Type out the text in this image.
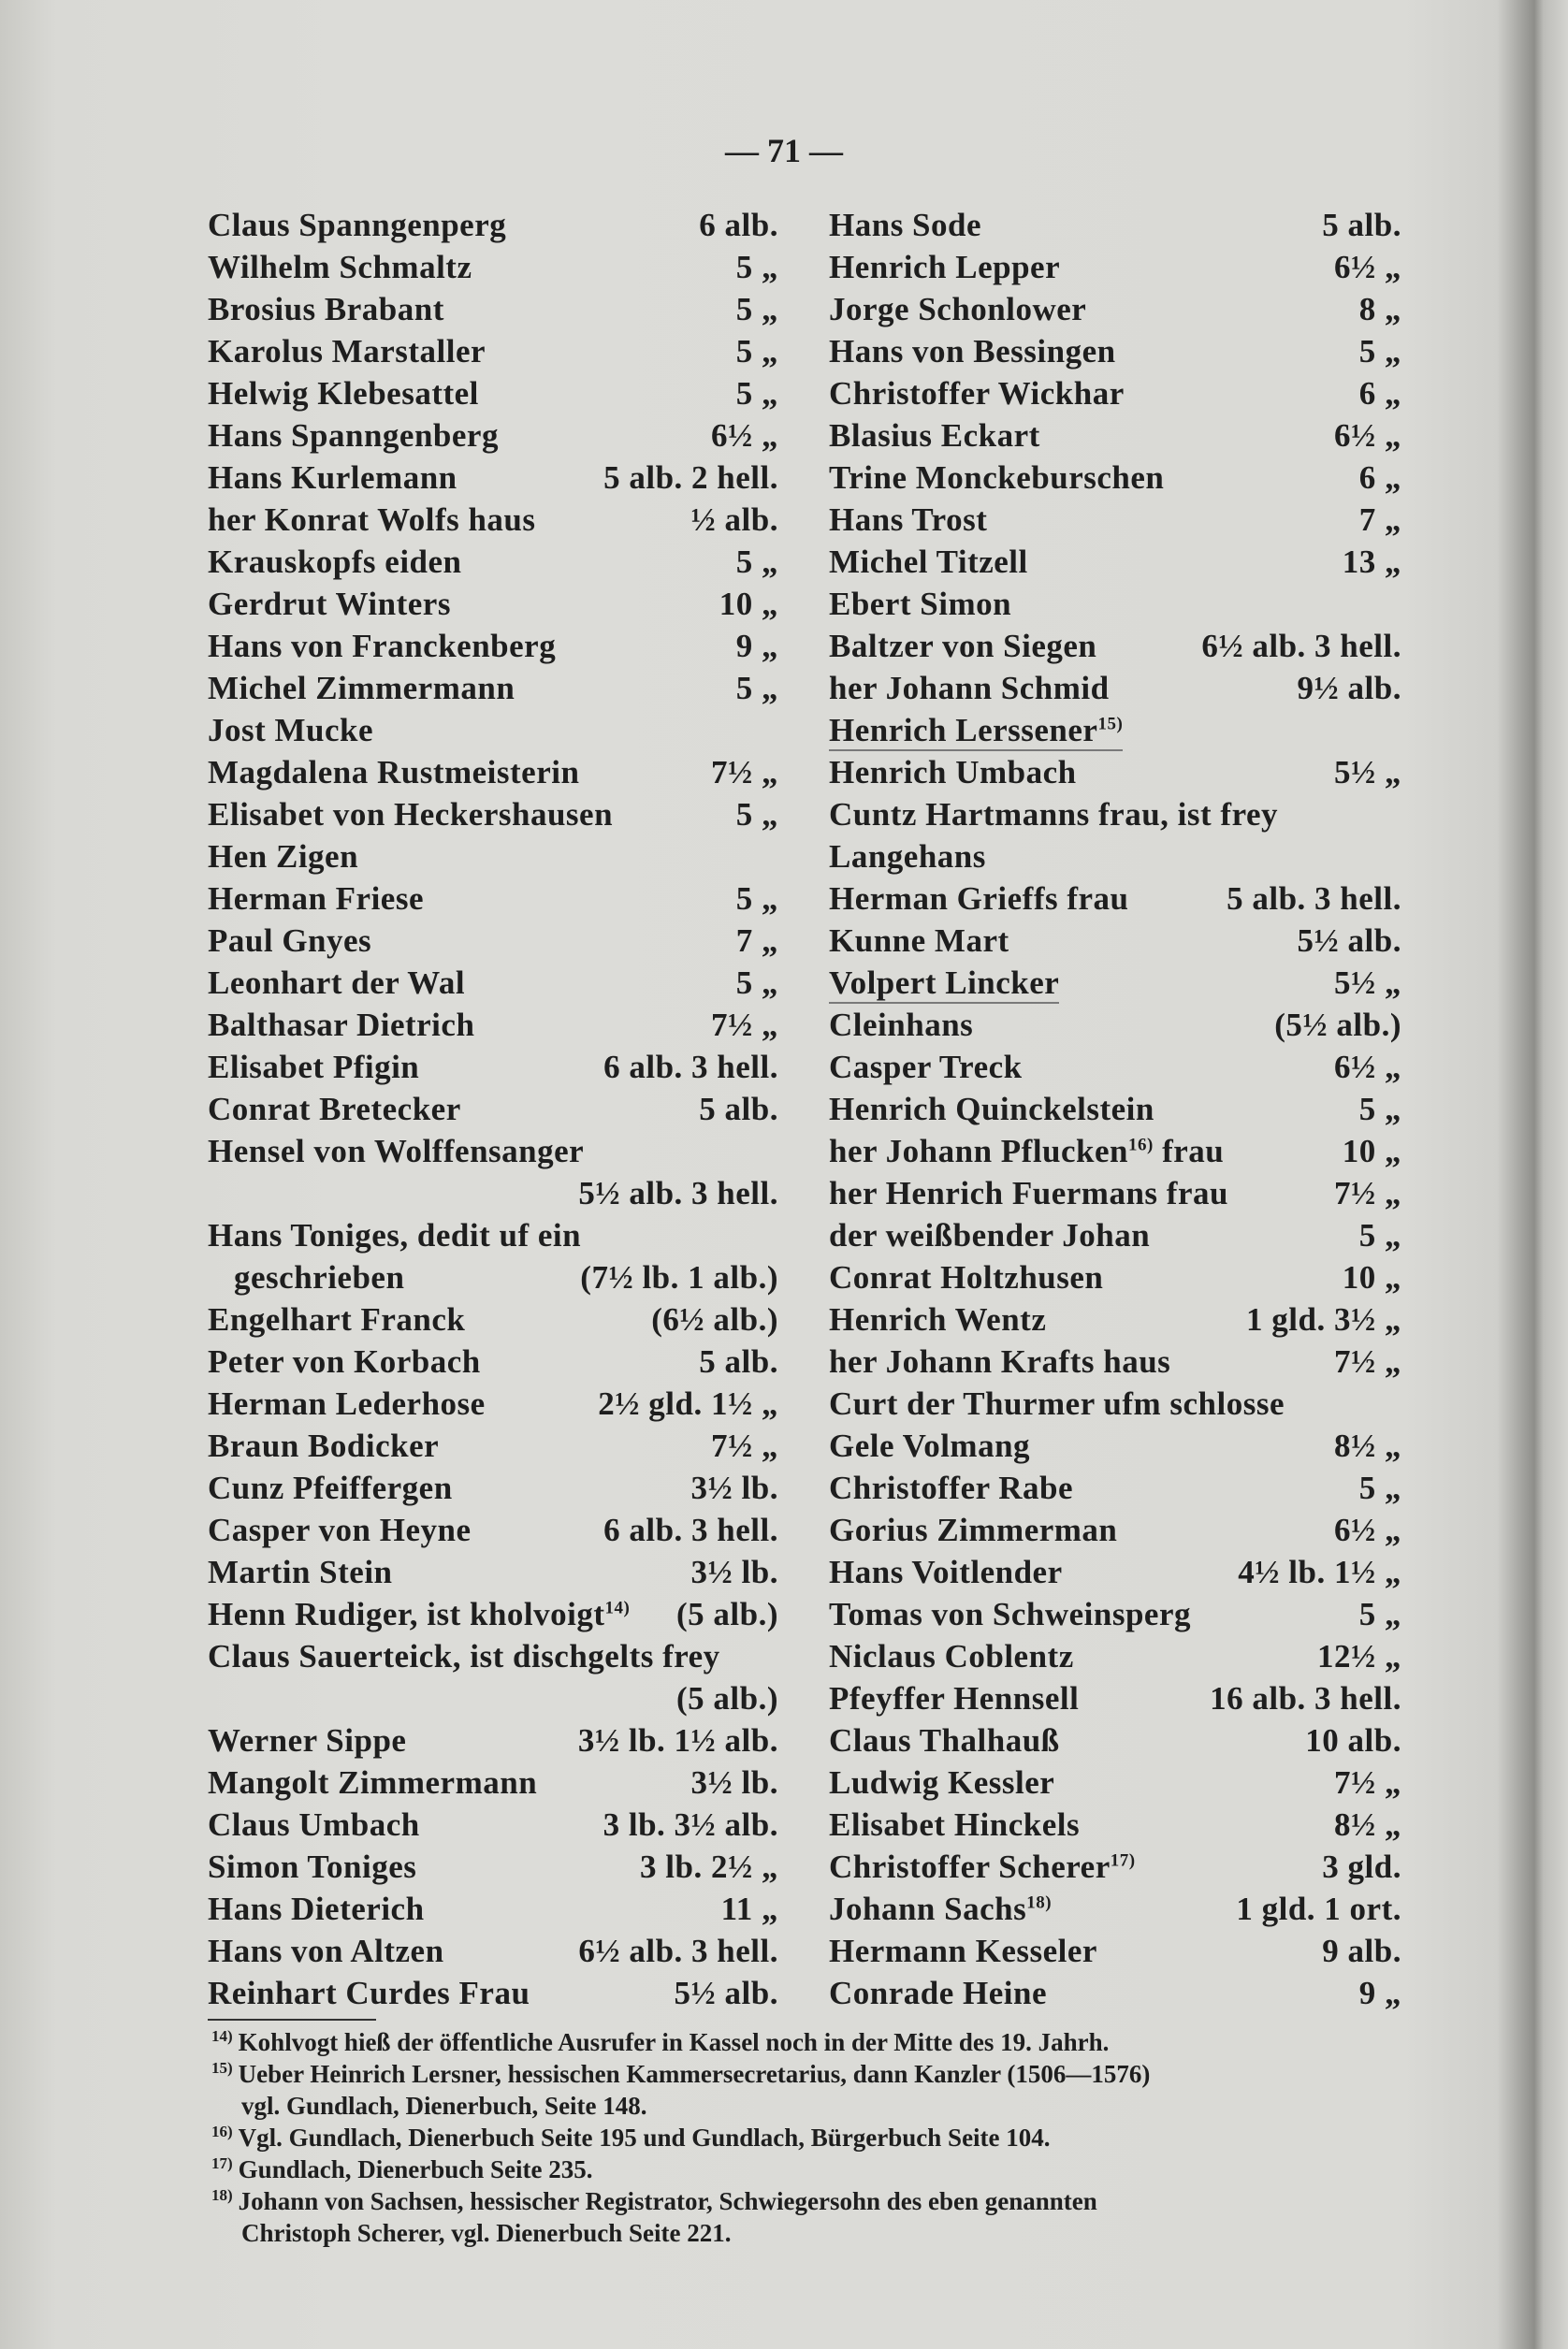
— 71 —
Claus Spanngenperg	6 alb.
Wilhelm Schmaltz	5 „
Brosius Brabant	5 „
Karolus Marstaller	5 „
Helwig Klebesattel	5 „
Hans Spanngenberg	6½ „
Hans Kurlemann	5 alb. 2 hell.
her Konrat Wolfs haus	½ alb.
Krauskopfs eiden	5 „
Gerdrut Winters	10 „
Hans von Franckenberg	9 „
Michel Zimmermann	5 „
Jost Mucke
Magdalena Rustmeisterin	7½ „
Elisabet von Heckershausen	5 „
Hen Zigen
Herman Friese	5 „
Paul Gnyes	7 „
Leonhart der Wal	5 „
Balthasar Dietrich	7½ „
Elisabet Pfigin	6 alb. 3 hell.
Conrat Bretecker	5 alb.
Hensel von Wolffensanger
5½ alb. 3 hell.
Hans Toniges, dedit uf ein
geschrieben	(7½ lb. 1 alb.)
Engelhart Franck	(6½ alb.)
Peter von Korbach	5 alb.
Herman Lederhose	2½ gld. 1½ „
Braun Bodicker	7½ „
Cunz Pfeiffergen	3½ lb.
Casper von Heyne	6 alb. 3 hell.
Martin Stein	3½ lb.
Henn Rudiger, ist kholvoigt$^{14)}$ (5 alb.)
Claus Sauerteick, ist dischgelts frey
(5 alb.)
Werner Sippe	3½ lb. 1½ alb.
Mangolt Zimmermann	3½ lb.
Claus Umbach	3 lb. 3½ alb.
Simon Toniges	3 lb. 2½ „
Hans Dieterich	11 „
Hans von Altzen	6½ alb. 3 hell.
Reinhart Curdes Frau	5½ alb.
Hans Sode	5 alb.
Henrich Lepper	6½ „
Jorge Schonlower	8 „
Hans von Bessingen	5 „
Christoffer Wickhar	6 „
Blasius Eckart	6½ „
Trine Monckeburschen	6 „
Hans Trost	7 „
Michel Titzell	13 „
Ebert Simon
Baltzer von Siegen	6½ alb. 3 hell.
her Johann Schmid	9½ alb.
Henrich Lerssener$^{15)}$
Henrich Umbach	5½ „
Cuntz Hartmanns frau, ist frey
Langehans
Herman Grieffs frau	5 alb. 3 hell.
Kunne Mart	5½ alb.
Volpert Lincker	5½ „
Cleinhans	(5½ alb.)
Casper Treck	6½ „
Henrich Quinckelstein	5 „
her Johann Pflucken$^{16)}$ frau	10 „
her Henrich Fuermans frau	7½ „
der weißbender Johan	5 „
Conrat Holtzhusen	10 „
Henrich Wentz	1 gld. 3½ „
her Johann Krafts haus	7½ „
Curt der Thurmer ufm schlosse
Gele Volmang	8½ „
Christoffer Rabe	5 „
Gorius Zimmerman	6½ „
Hans Voitlender	4½ lb. 1½ „
Tomas von Schweinsperg	5 „
Niclaus Coblentz	12½ „
Pfeyffer Hennsell	16 alb. 3 hell.
Claus Thalhauß	10 alb.
Ludwig Kessler	7½ „
Elisabet Hinckels	8½ „
Christoffer Scherer$^{17)}$	3 gld.
Johann Sachs$^{18)}$	1 gld. 1 ort.
Hermann Kesseler	9 alb.
Conrade Heine	9 „
$^{14)}$ Kohlvogt hieß der öffentliche Ausrufer in Kassel noch in der Mitte des 19. Jahrh.
$^{15)}$ Ueber Heinrich Lersner, hessischen Kammersecretarius, dann Kanzler (1506—1576)
vgl. Gundlach, Dienerbuch, Seite 148.
$^{16)}$ Vgl. Gundlach, Dienerbuch Seite 195 und Gundlach, Bürgerbuch Seite 104.
$^{17)}$ Gundlach, Dienerbuch Seite 235.
$^{18)}$ Johann von Sachsen, hessischer Registrator, Schwiegersohn des eben genannten
Christoph Scherer, vgl. Dienerbuch Seite 221.
